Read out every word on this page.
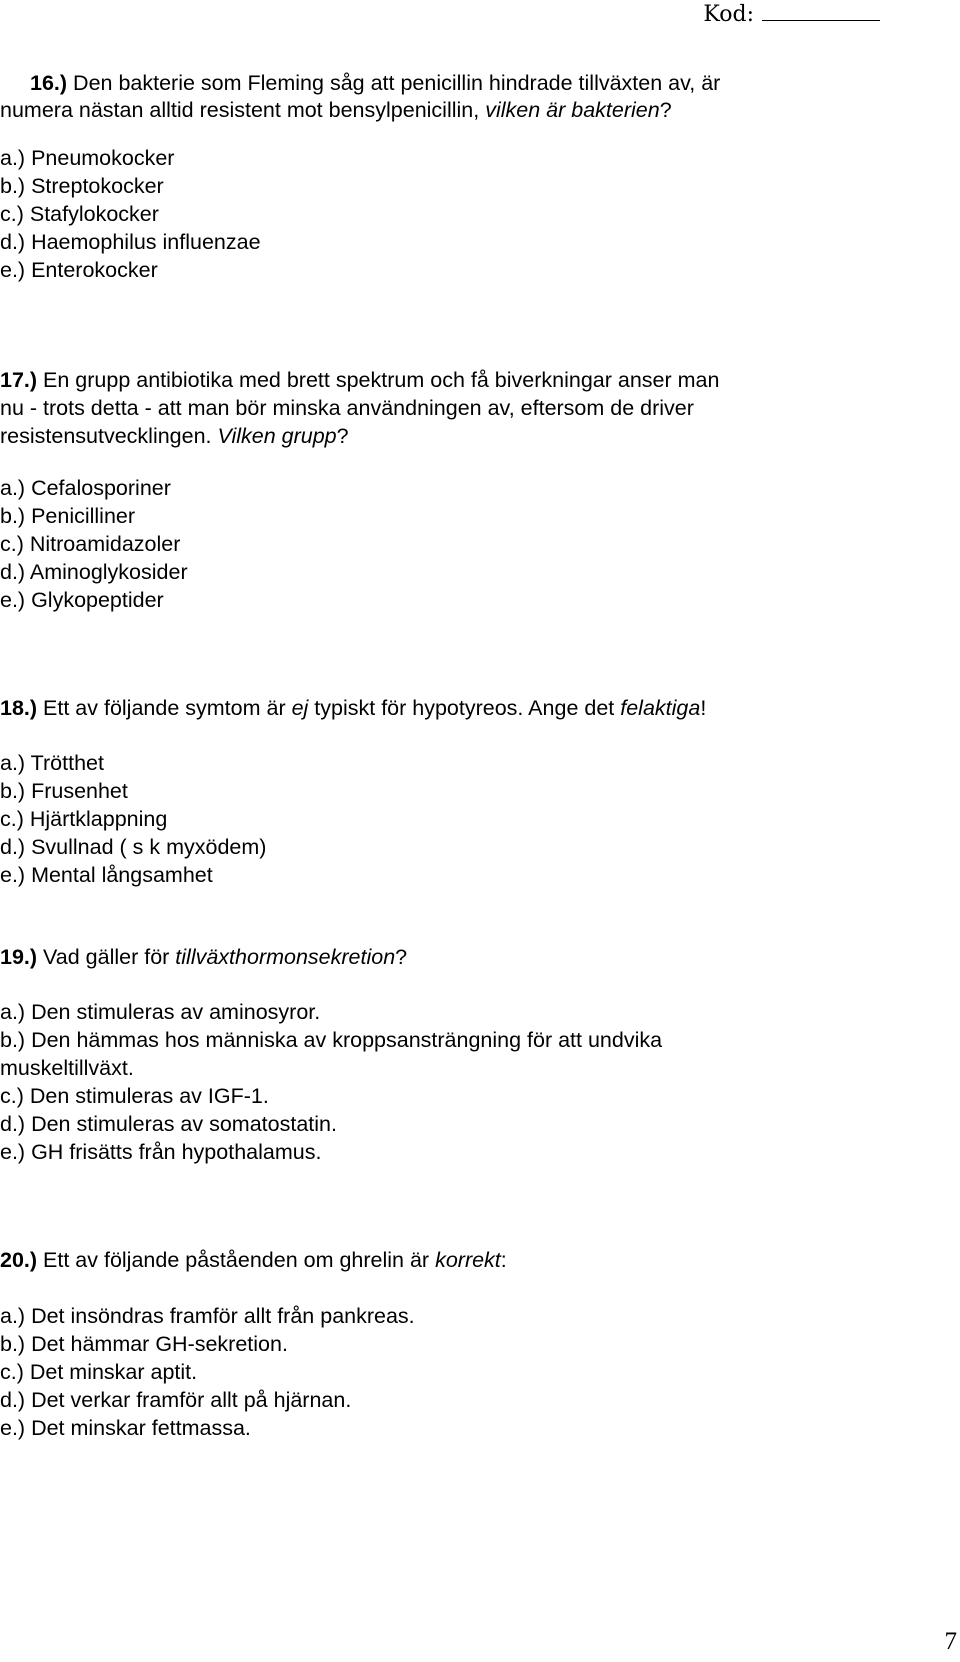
Kod:
16.) Den bakterie som Fleming såg att penicillin hindrade tillväxten av, är
numera nästan alltid resistent mot bensylpenicillin, vilken är bakterien?
a.) Pneumokocker
b.) Streptokocker
c.) Stafylokocker
d.) Haemophilus influenzae
e.) Enterokocker
17.) En grupp antibiotika med brett spektrum och få biverkningar anser man
nu - trots detta - att man bör minska användningen av, eftersom de driver
resistensutvecklingen. Vilken grupp?
a.) Cefalosporiner
b.) Penicilliner
c.) Nitroamidazoler
d.) Aminoglykosider
e.) Glykopeptider
18.) Ett av följande symtom är ej typiskt för hypotyreos. Ange det felaktiga!
a.) Trötthet
b.) Frusenhet
c.) Hjärtklappning
d.) Svullnad ( s k myxödem)
e.) Mental långsamhet
19.) Vad gäller för tillväxthormonsekretion?
a.) Den stimuleras av aminosyror.
b.) Den hämmas hos människa av kroppsansträngning för att undvika
muskeltillväxt.
c.) Den stimuleras av IGF-1.
d.) Den stimuleras av somatostatin.
e.) GH frisätts från hypothalamus.
20.) Ett av följande påståenden om ghrelin är korrekt:
a.) Det insöndras framför allt från pankreas.
b.) Det hämmar GH-sekretion.
c.) Det minskar aptit.
d.) Det verkar framför allt på hjärnan.
e.) Det minskar fettmassa.
7
